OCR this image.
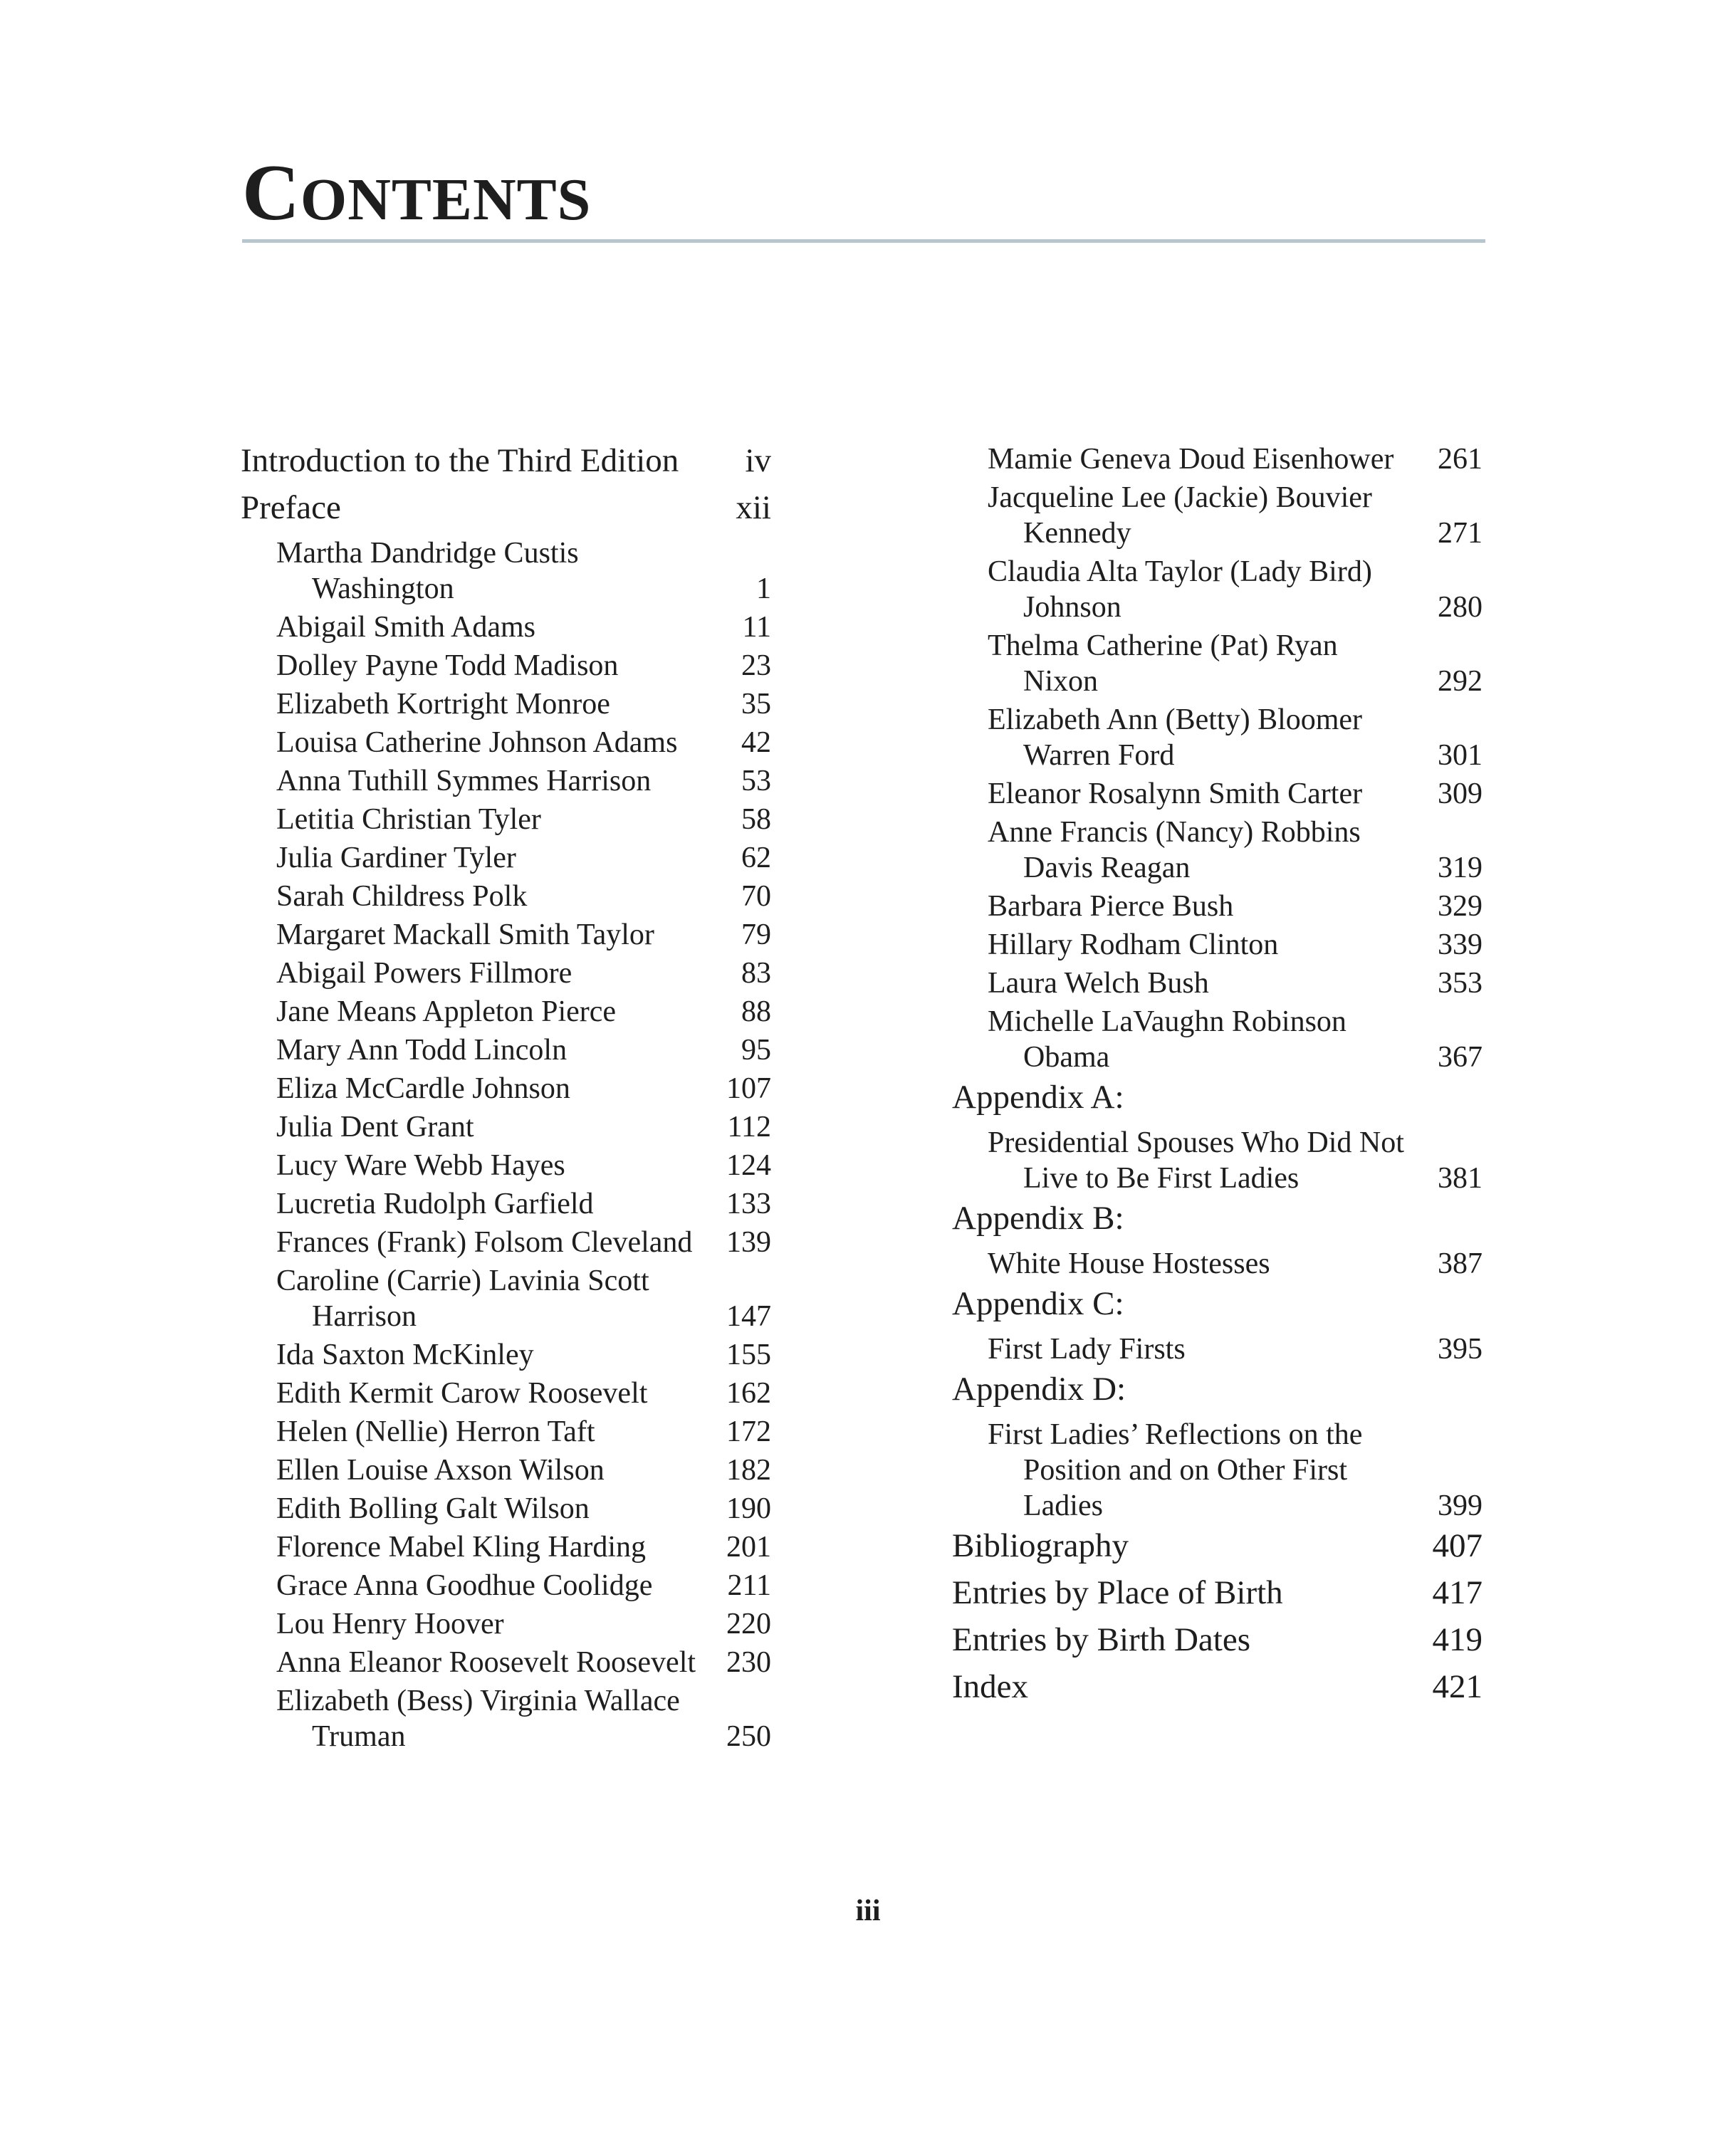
CONTENTS
Introduction to the Third Edition	iv
Preface	xii
Martha Dandridge Custis Washington	1
Abigail Smith Adams	11
Dolley Payne Todd Madison	23
Elizabeth Kortright Monroe	35
Louisa Catherine Johnson Adams	42
Anna Tuthill Symmes Harrison	53
Letitia Christian Tyler	58
Julia Gardiner Tyler	62
Sarah Childress Polk	70
Margaret Mackall Smith Taylor	79
Abigail Powers Fillmore	83
Jane Means Appleton Pierce	88
Mary Ann Todd Lincoln	95
Eliza McCardle Johnson	107
Julia Dent Grant	112
Lucy Ware Webb Hayes	124
Lucretia Rudolph Garfield	133
Frances (Frank) Folsom Cleveland	139
Caroline (Carrie) Lavinia Scott Harrison	147
Ida Saxton McKinley	155
Edith Kermit Carow Roosevelt	162
Helen (Nellie) Herron Taft	172
Ellen Louise Axson Wilson	182
Edith Bolling Galt Wilson	190
Florence Mabel Kling Harding	201
Grace Anna Goodhue Coolidge	211
Lou Henry Hoover	220
Anna Eleanor Roosevelt Roosevelt	230
Elizabeth (Bess) Virginia Wallace Truman	250
Mamie Geneva Doud Eisenhower	261
Jacqueline Lee (Jackie) Bouvier Kennedy	271
Claudia Alta Taylor (Lady Bird) Johnson	280
Thelma Catherine (Pat) Ryan Nixon	292
Elizabeth Ann (Betty) Bloomer Warren Ford	301
Eleanor Rosalynn Smith Carter	309
Anne Francis (Nancy) Robbins Davis Reagan	319
Barbara Pierce Bush	329
Hillary Rodham Clinton	339
Laura Welch Bush	353
Michelle LaVaughn Robinson Obama	367
Appendix A:
Presidential Spouses Who Did Not Live to Be First Ladies	381
Appendix B:
White House Hostesses	387
Appendix C:
First Lady Firsts	395
Appendix D:
First Ladies’ Reflections on the Position and on Other First Ladies	399
Bibliography	407
Entries by Place of Birth	417
Entries by Birth Dates	419
Index	421
iii
